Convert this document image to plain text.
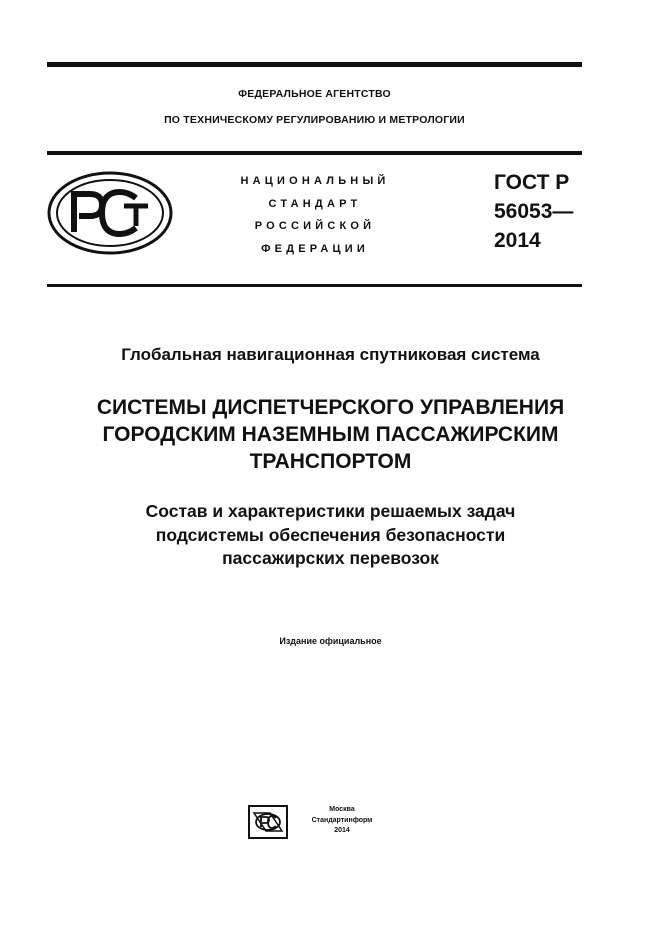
ФЕДЕРАЛЬНОЕ АГЕНТСТВО
ПО ТЕХНИЧЕСКОМУ РЕГУЛИРОВАНИЮ И МЕТРОЛОГИИ
НАЦИОНАЛЬНЫЙ
СТАНДАРТ
РОССИЙСКОЙ
ФЕДЕРАЦИИ
ГОСТ Р
56053—
2014
Глобальная навигационная спутниковая система
СИСТЕМЫ ДИСПЕТЧЕРСКОГО УПРАВЛЕНИЯ
ГОРОДСКИМ НАЗЕМНЫМ ПАССАЖИРСКИМ
ТРАНСПОРТОМ
Состав и характеристики решаемых задач
подсистемы обеспечения безопасности
пассажирских перевозок
Издание официальное
Москва
Стандартинформ
2014
